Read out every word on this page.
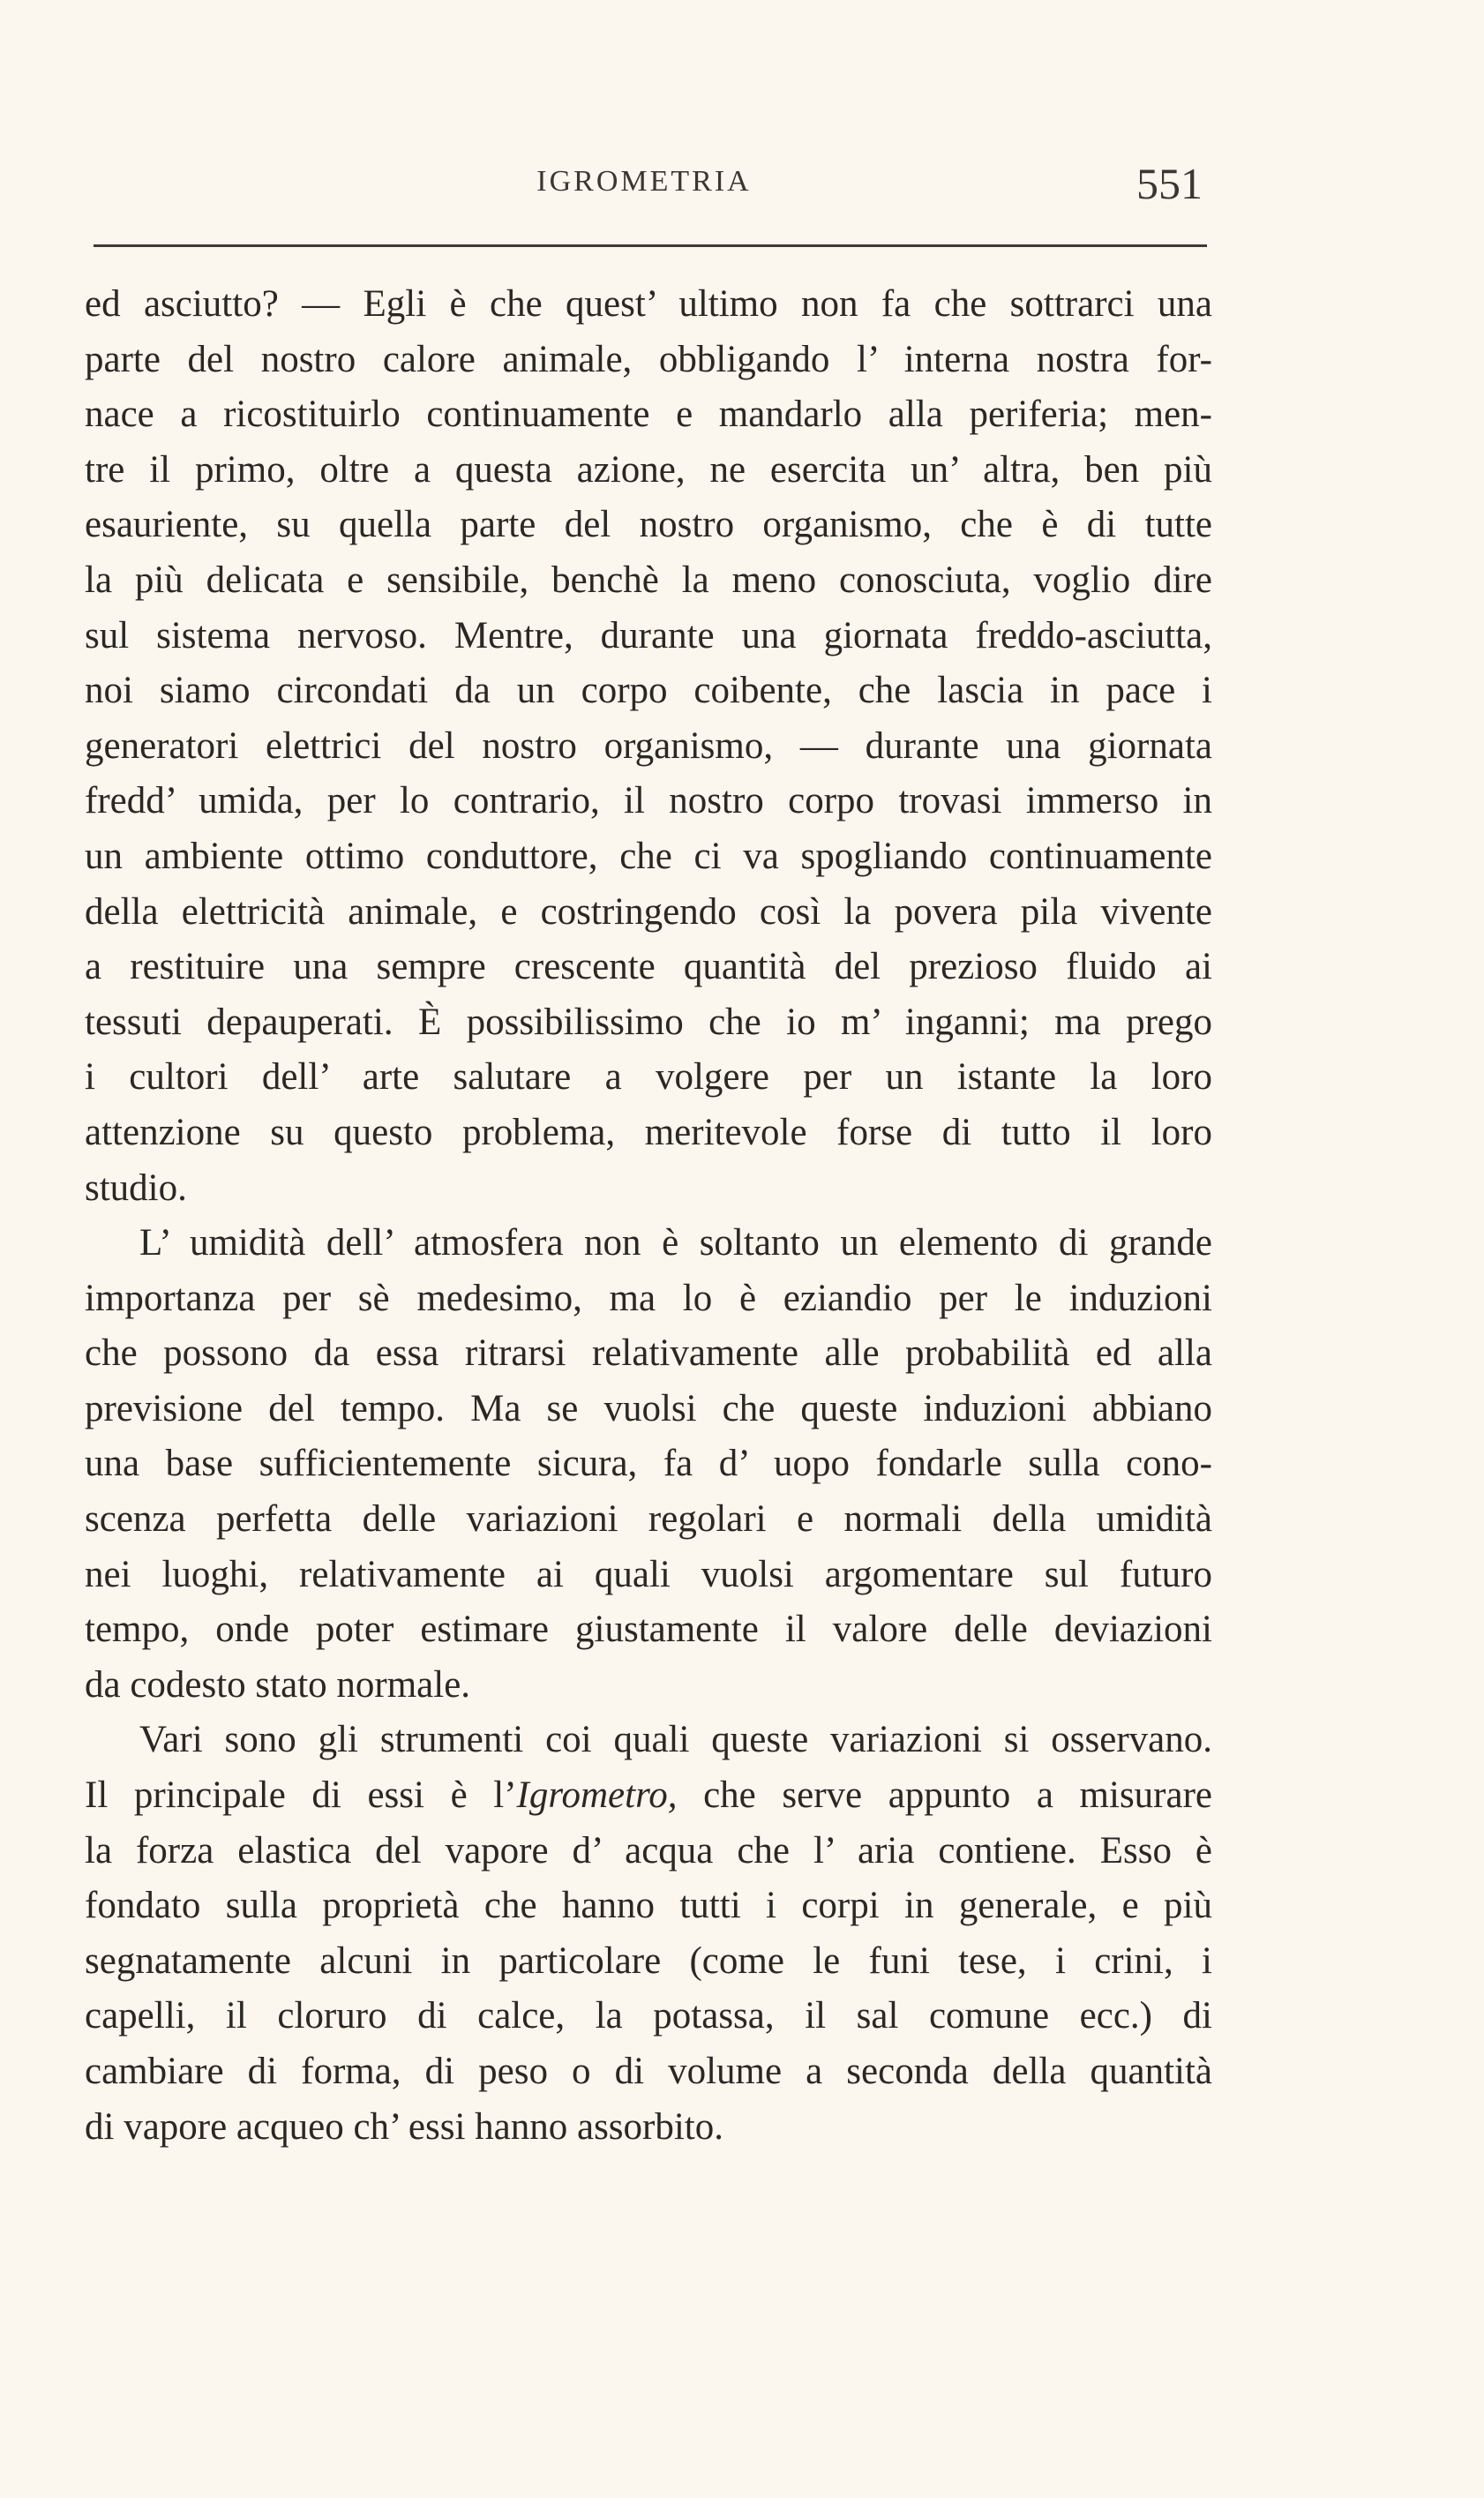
IGROMETRIA	551
ed asciutto? — Egli è che quest’ ultimo non fa che sottrarci una
parte del nostro calore animale, obbligando l’ interna nostra for-
nace a ricostituirlo continuamente e mandarlo alla periferia; men-
tre il primo, oltre a questa azione, ne esercita un’ altra, ben più
esauriente, su quella parte del nostro organismo, che è di tutte
la più delicata e sensibile, benchè la meno conosciuta, voglio dire
sul sistema nervoso. Mentre, durante una giornata freddo-asciutta,
noi siamo circondati da un corpo coibente, che lascia in pace i
generatori elettrici del nostro organismo, — durante una giornata
fredd’ umida, per lo contrario, il nostro corpo trovasi immerso in
un ambiente ottimo conduttore, che ci va spogliando continuamente
della elettricità animale, e costringendo così la povera pila vivente
a restituire una sempre crescente quantità del prezioso fluido ai
tessuti depauperati. È possibilissimo che io m’ inganni; ma prego
i cultori dell’ arte salutare a volgere per un istante la loro
attenzione su questo problema, meritevole forse di tutto il loro
studio.
L’ umidità dell’ atmosfera non è soltanto un elemento di grande
importanza per sè medesimo, ma lo è eziandio per le induzioni
che possono da essa ritrarsi relativamente alle probabilità ed alla
previsione del tempo. Ma se vuolsi che queste induzioni abbiano
una base sufficientemente sicura, fa d’ uopo fondarle sulla cono-
scenza perfetta delle variazioni regolari e normali della umidità
nei luoghi, relativamente ai quali vuolsi argomentare sul futuro
tempo, onde poter estimare giustamente il valore delle deviazioni
da codesto stato normale.
Vari sono gli strumenti coi quali queste variazioni si osservano.
Il principale di essi è l’Igrometro, che serve appunto a misurare
la forza elastica del vapore d’ acqua che l’ aria contiene. Esso è
fondato sulla proprietà che hanno tutti i corpi in generale, e più
segnatamente alcuni in particolare (come le funi tese, i crini, i
capelli, il cloruro di calce, la potassa, il sal comune ecc.) di
cambiare di forma, di peso o di volume a seconda della quantità
di vapore acqueo ch’ essi hanno assorbito.
